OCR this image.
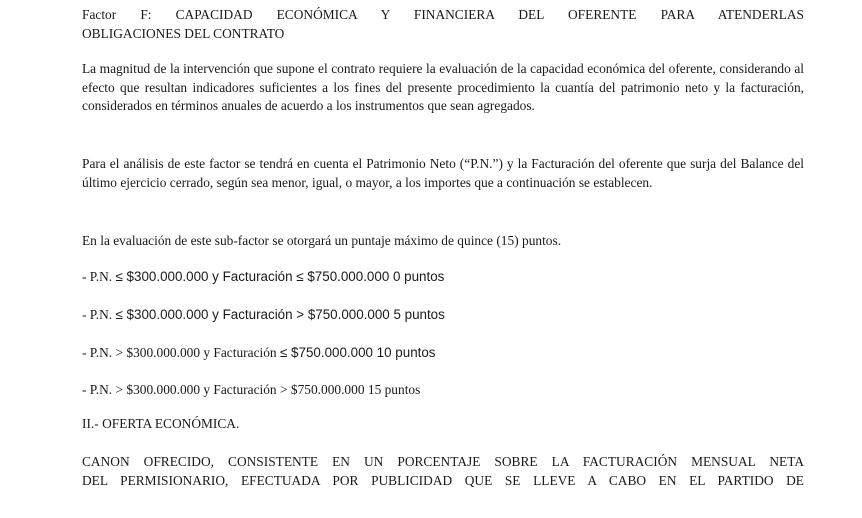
Factor F: CAPACIDAD ECONÓMICA Y FINANCIERA DEL OFERENTE PARA ATENDERLAS
OBLIGACIONES DEL CONTRATO

La magnitud de la intervención que supone el contrato requiere la evaluación de la capacidad económica del oferente, considerando al efecto que resultan indicadores suficientes a los fines del presente procedimiento la cuantía del patrimonio neto y la facturación, considerados en términos anuales de acuerdo a los instrumentos que sean agregados.

Para el análisis de este factor se tendrá en cuenta el Patrimonio Neto (“P.N.”) y la Facturación del oferente que surja del Balance del último ejercicio cerrado, según sea menor, igual, o mayor, a los importes que a continuación se establecen.

En la evaluación de este sub-factor se otorgará un puntaje máximo de quince (15) puntos.

- P.N. ≤ $300.000.000 y Facturación ≤ $750.000.000 0 puntos
- P.N. ≤ $300.000.000 y Facturación > $750.000.000 5 puntos
- P.N. > $300.000.000 y Facturación ≤ $750.000.000 10 puntos
- P.N. > $300.000.000 y Facturación > $750.000.000 15 puntos
II.- OFERTA ECONÓMICA.
CANON OFRECIDO, CONSISTENTE EN UN PORCENTAJE SOBRE LA FACTURACIÓN MENSUAL NETA
DEL PERMISIONARIO, EFECTUADA POR PUBLICIDAD QUE SE LLEVE A CABO EN EL PARTIDO DE
